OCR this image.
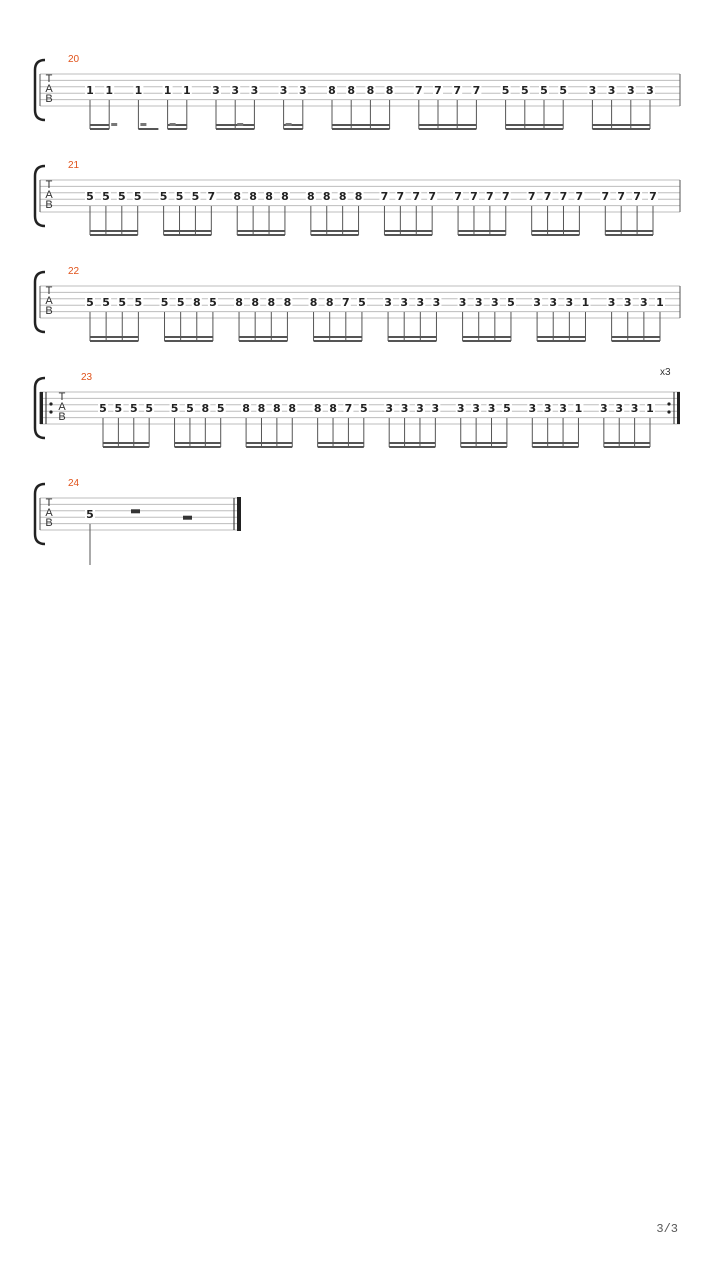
T
A
B
20
1 1 1 1 1 3 3 3 3 3 8 8 8 8 7 7 7 7 5 5 5 5 3 3 3 3
T
A
B
21
5 5 5 5 5 5 5 7 8 8 8 8 8 8 8 8 7 7 7 7 7 7 7 7 7 7 7 7 7 7 7 7
T
A
B
22
5 5 5 5 5 5 8 5 8 8 8 8 8 8 7 5 3 3 3 3 3 3 3 5 3 3 3 1 3 3 3 1
T
A
B
23	x3
5 5 5 5 5 5 8 5 8 8 8 8 8 8 7 5 3 3 3 3 3 3 3 5 3 3 3 1 3 3 3 1
T
A
B
24
5
3/3
